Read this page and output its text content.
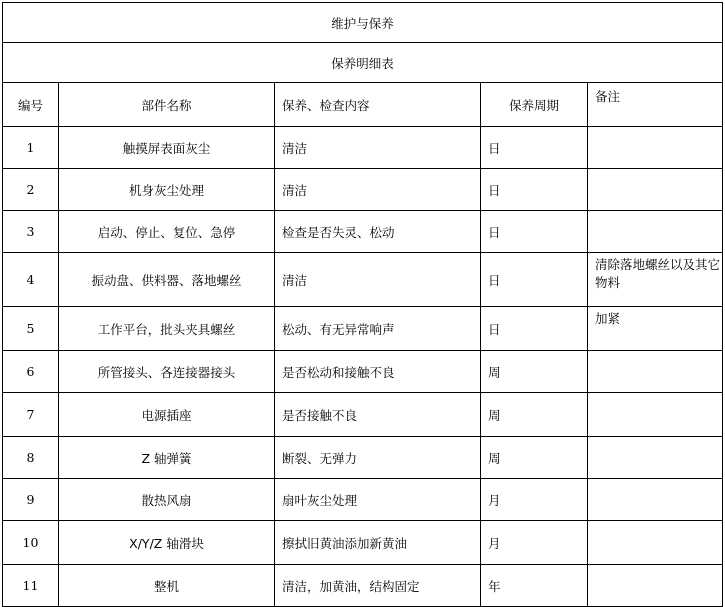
维护与保养				
保养明细表				
编号	部件名称	保养、检查内容	保养周期	备注
1	触摸屏表面灰尘	清洁	日	
2	机身灰尘处理	清洁	日	
3	启动、停止、复位、急停	检查是否失灵、松动	日	
4	振动盘、供料器、落地螺丝	清洁	日	清除落地螺丝以及其它物料
5	工作平台，批头夹具螺丝	松动、有无异常响声	日	加紧
6	所管接头、各连接器接头	是否松动和接触不良	周	
7	电源插座	是否接触不良	周	
8	Z 轴弹簧	断裂、无弹力	周	
9	散热风扇	扇叶灰尘处理	月	
10	X/Y/Z 轴滑块	擦拭旧黄油添加新黄油	月	
11	整机	清洁，加黄油，结构固定	年	
